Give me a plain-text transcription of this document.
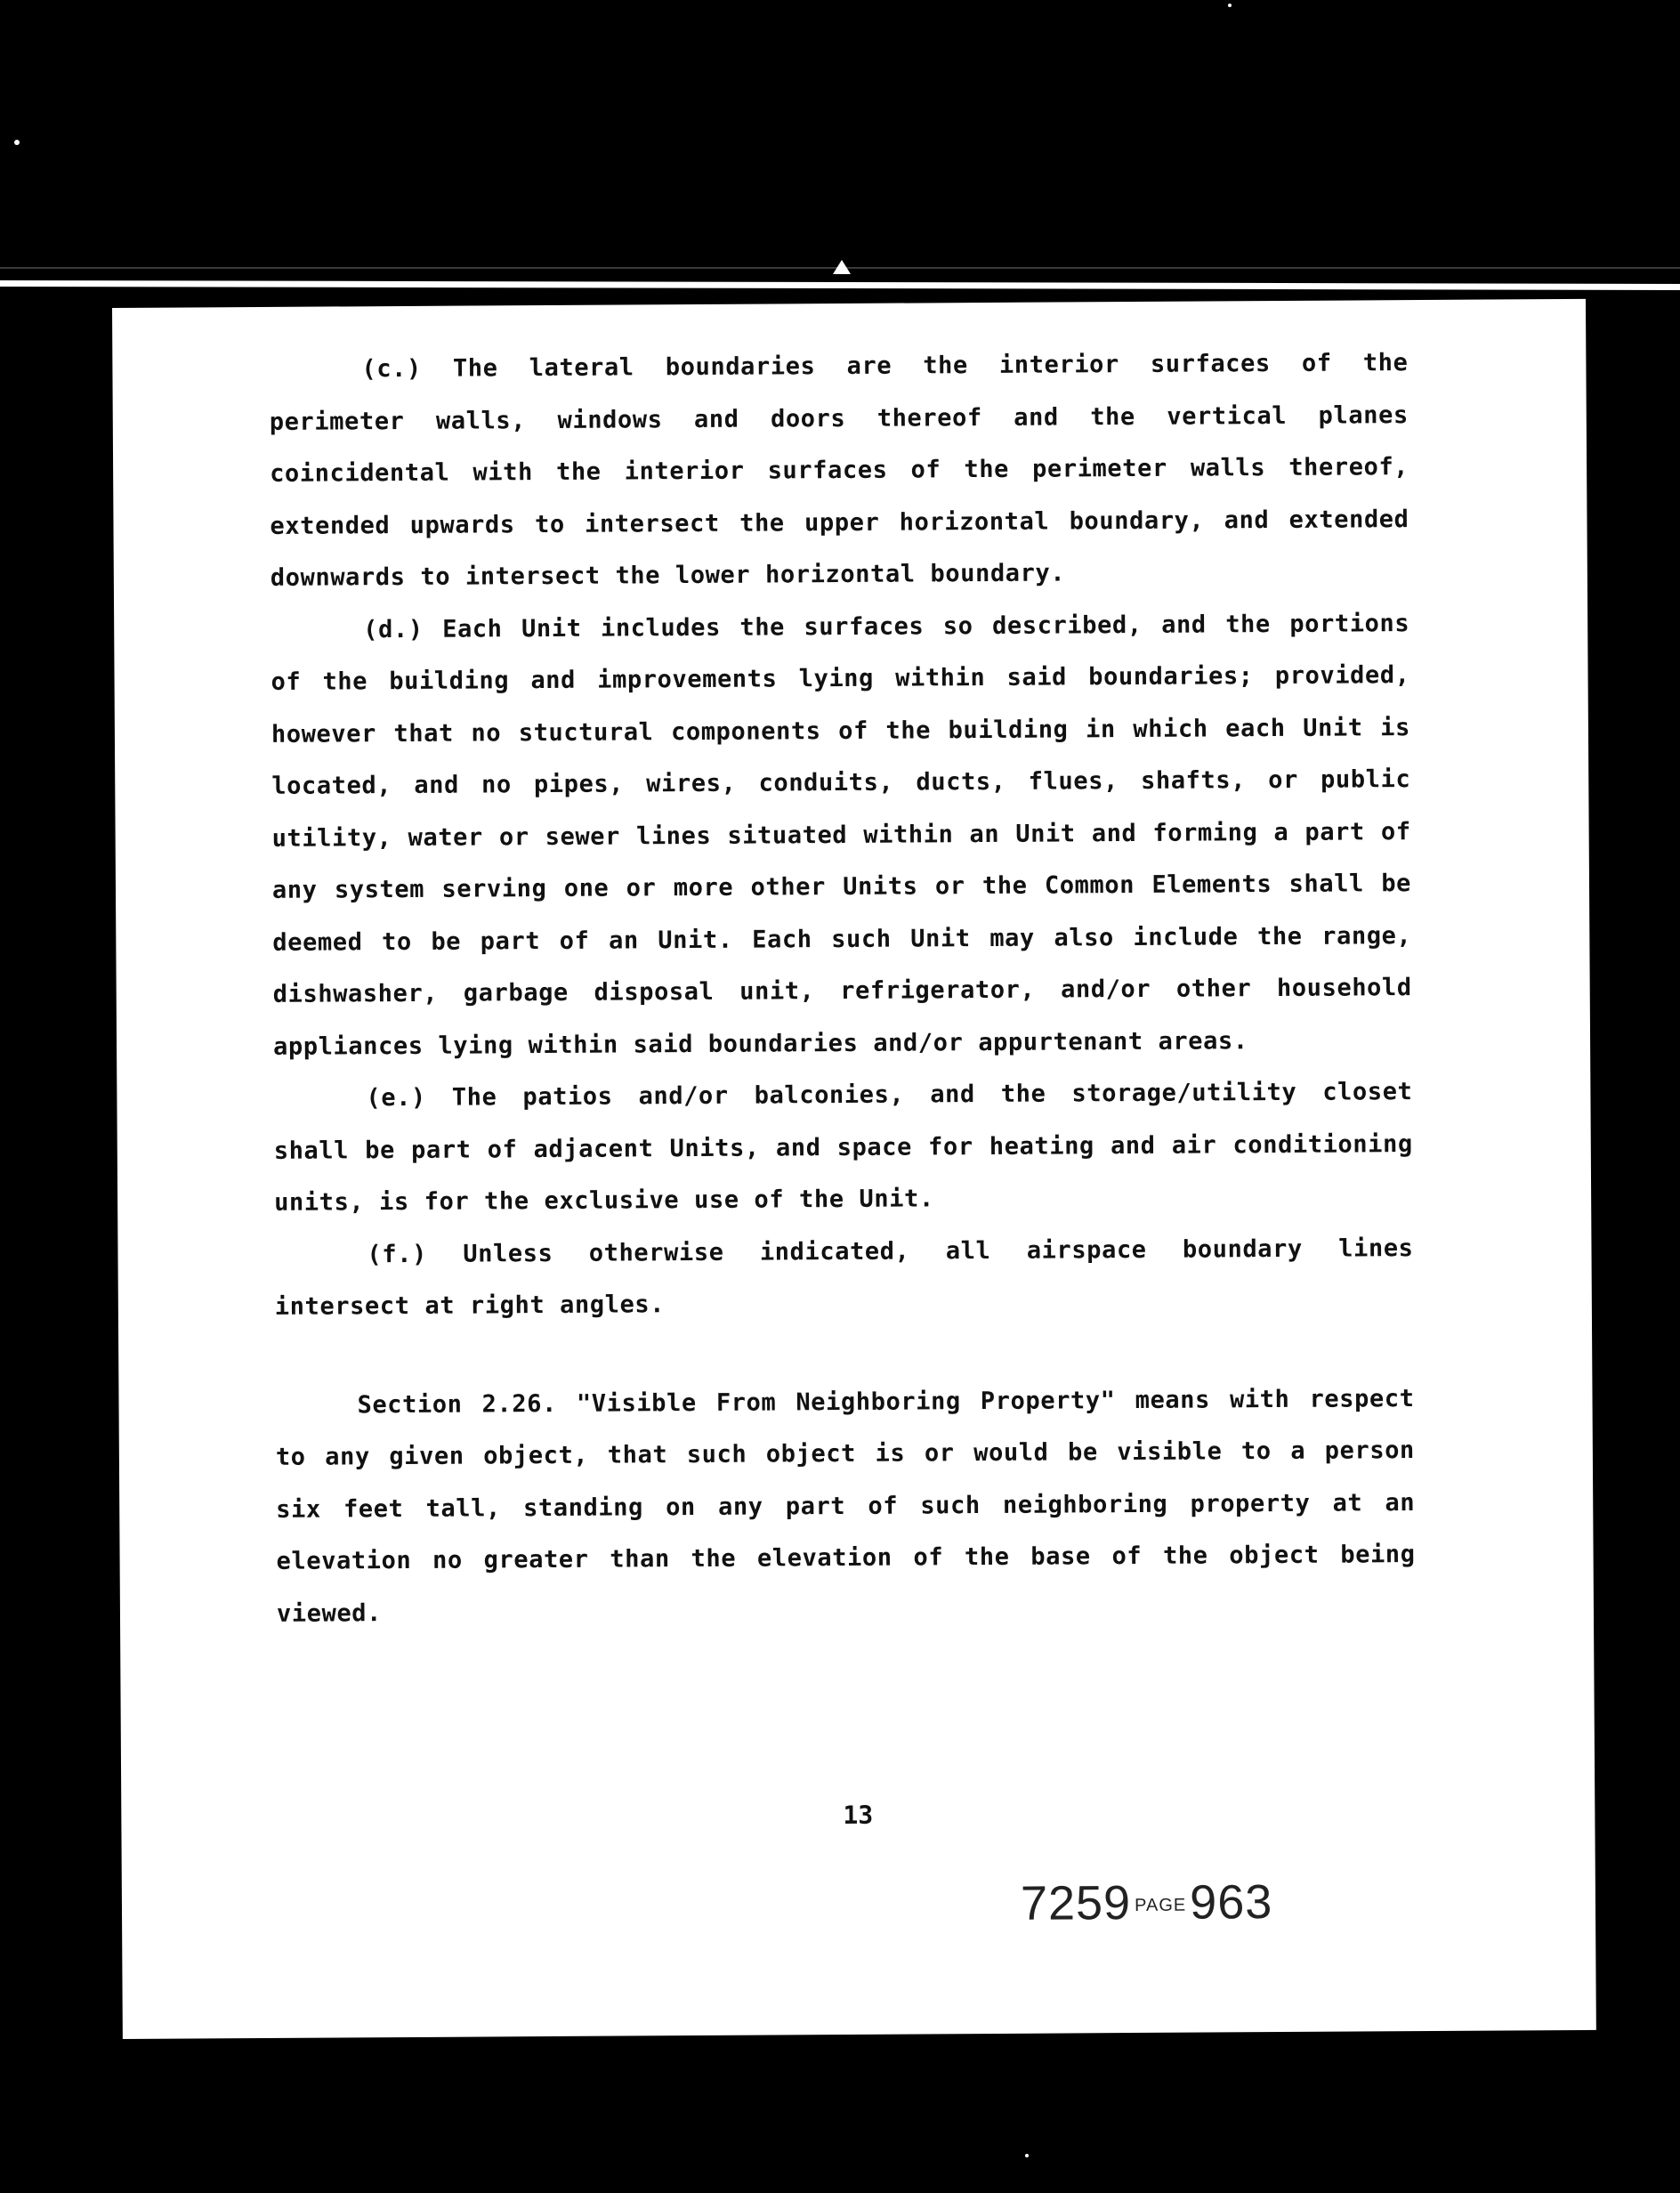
(c.) The lateral boundaries are the interior surfaces of the perimeter walls, windows and doors thereof and the vertical planes coincidental with the interior surfaces of the perimeter walls thereof, extended upwards to intersect the upper horizontal boundary, and extended downwards to intersect the lower horizontal boundary.

(d.) Each Unit includes the surfaces so described, and the portions of the building and improvements lying within said boundaries; provided, however that no stuctural components of the building in which each Unit is located, and no pipes, wires, conduits, ducts, flues, shafts, or public utility, water or sewer lines situated within an Unit and forming a part of any system serving one or more other Units or the Common Elements shall be deemed to be part of an Unit. Each such Unit may also include the range, dishwasher, garbage disposal unit, refrigerator, and/or other household appliances lying within said boundaries and/or appurtenant areas.

(e.) The patios and/or balconies, and the storage/utility closet shall be part of adjacent Units, and space for heating and air conditioning units, is for the exclusive use of the Unit.

(f.) Unless otherwise indicated, all airspace boundary lines intersect at right angles.

Section 2.26. "Visible From Neighboring Property" means with respect to any given object, that such object is or would be visible to a person six feet tall, standing on any part of such neighboring property at an elevation no greater than the elevation of the base of the object being viewed.

13
7259 PAGE963
